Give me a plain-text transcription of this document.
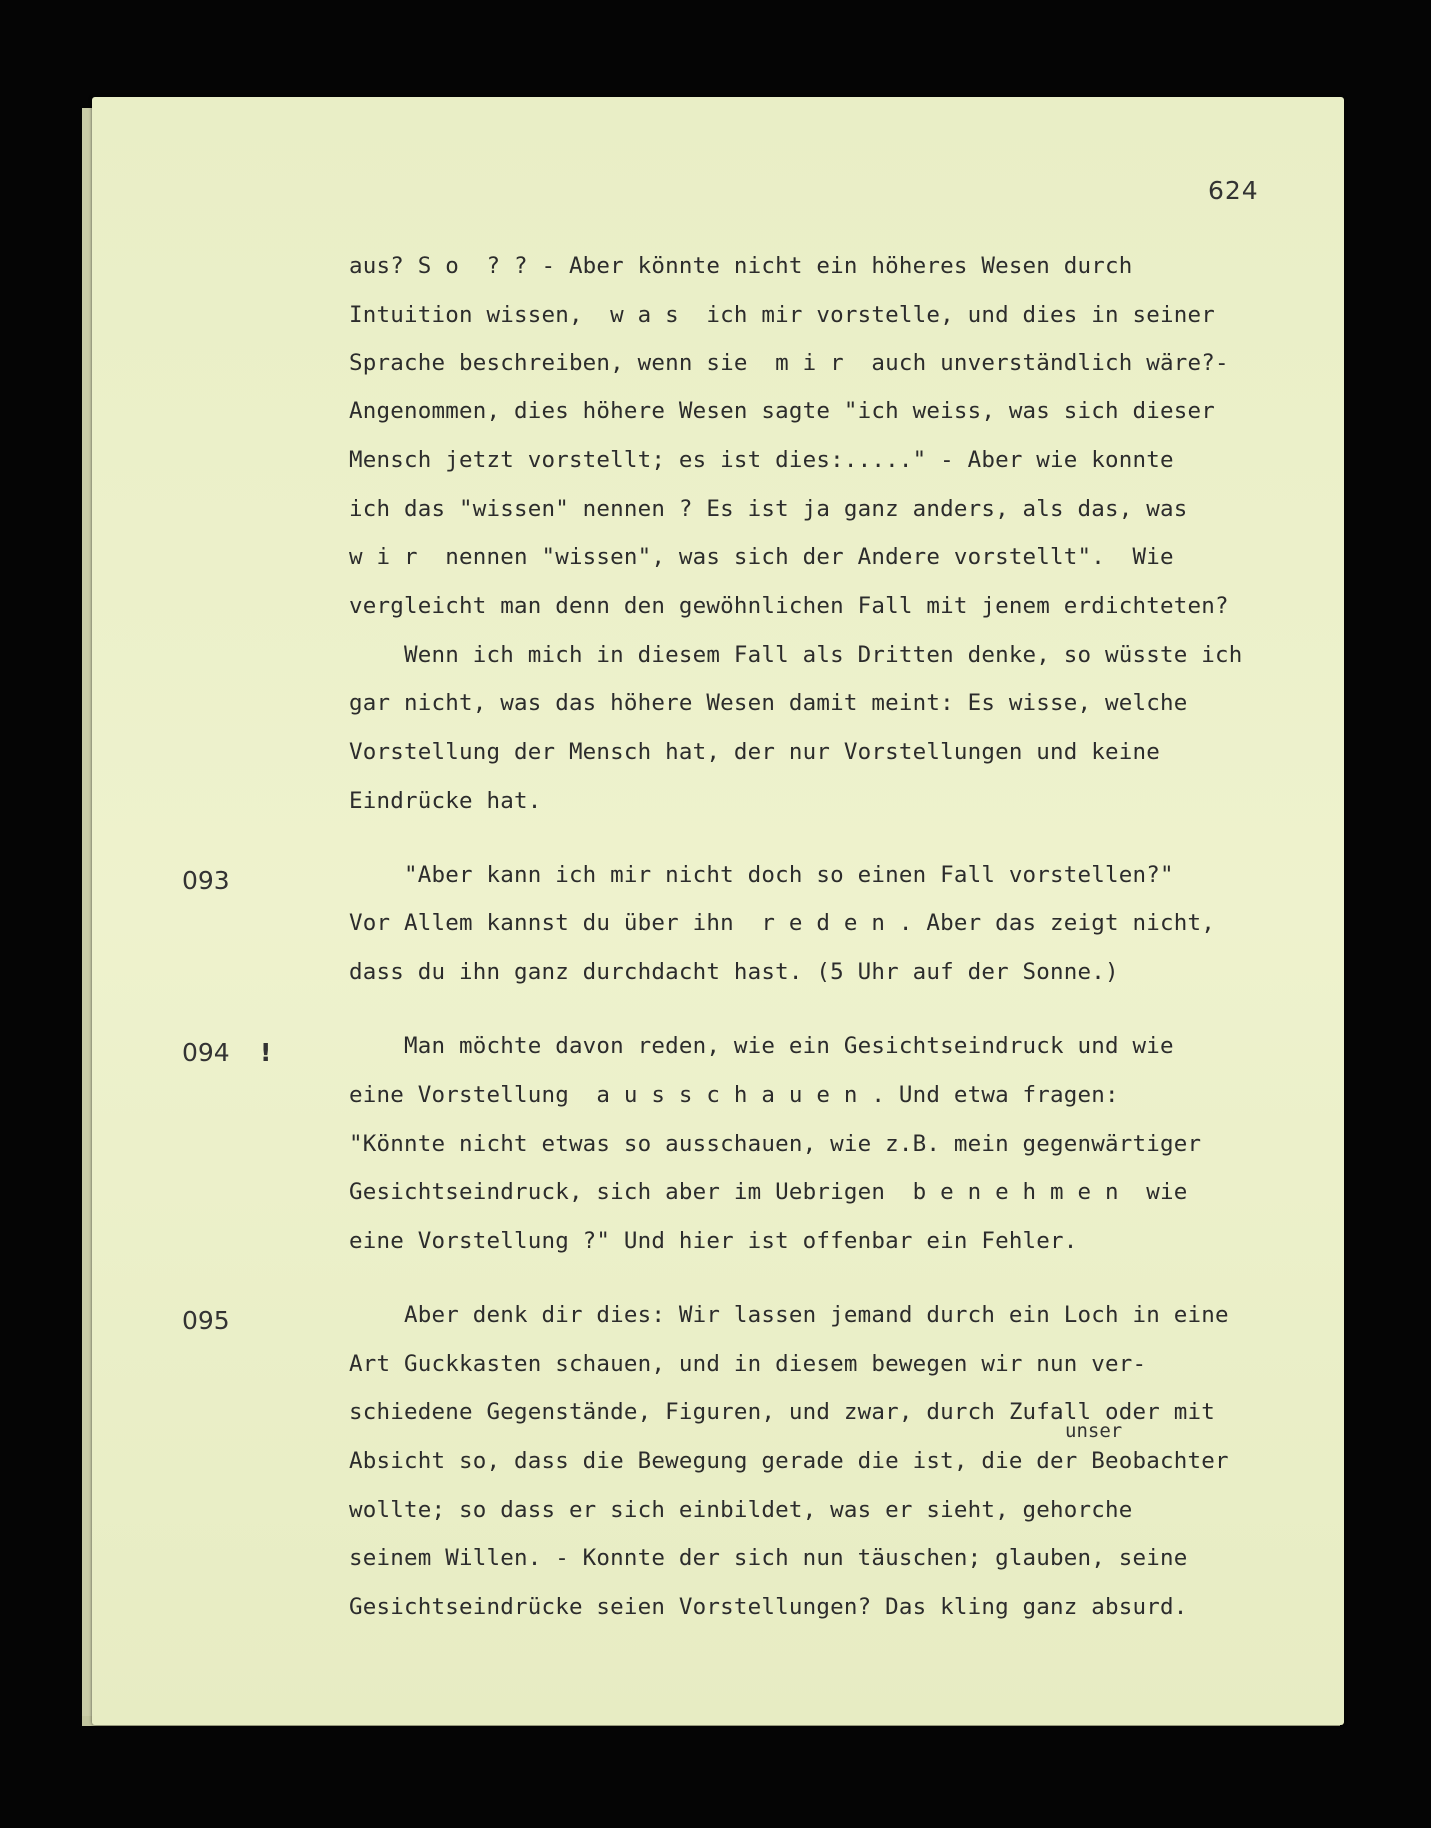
624

aus? S o  ? ? - Aber könnte nicht ein höheres Wesen durch

Intuition wissen,  w a s  ich mir vorstelle, und dies in seiner

Sprache beschreiben, wenn sie  m i r  auch unverständlich wäre?-

Angenommen, dies höhere Wesen sagte "ich weiss, was sich dieser

Mensch jetzt vorstellt; es ist dies:....." - Aber wie konnte

ich das "wissen" nennen ? Es ist ja ganz anders, als das, was

w i r  nennen "wissen", was sich der Andere vorstellt".  Wie

vergleicht man denn den gewöhnlichen Fall mit jenem erdichteten?

Wenn ich mich in diesem Fall als Dritten denke, so wüsste ich

gar nicht, was das höhere Wesen damit meint: Es wisse, welche

Vorstellung der Mensch hat, der nur Vorstellungen und keine

Eindrücke hat.

093	"Aber kann ich mir nicht doch so einen Fall vorstellen?"

Vor Allem kannst du über ihn  r e d e n . Aber das zeigt nicht,

dass du ihn ganz durchdacht hast. (5 Uhr auf der Sonne.)

094 !	Man möchte davon reden, wie ein Gesichtseindruck und wie

eine Vorstellung  a u s s c h a u e n . Und etwa fragen:

"Könnte nicht etwas so ausschauen, wie z.B. mein gegenwärtiger

Gesichtseindruck, sich aber im Uebrigen  b e n e h m e n  wie

eine Vorstellung ?" Und hier ist offenbar ein Fehler.

095	Aber denk dir dies: Wir lassen jemand durch ein Loch in eine

Art Guckkasten schauen, und in diesem bewegen wir nun ver-

schiedene Gegenstände, Figuren, und zwar, durch Zufall oder mit

unser

Absicht so, dass die Bewegung gerade die ist, die der Beobachter

wollte; so dass er sich einbildet, was er sieht, gehorche

seinem Willen. - Konnte der sich nun täuschen; glauben, seine

Gesichtseindrücke seien Vorstellungen? Das kling ganz absurd.
